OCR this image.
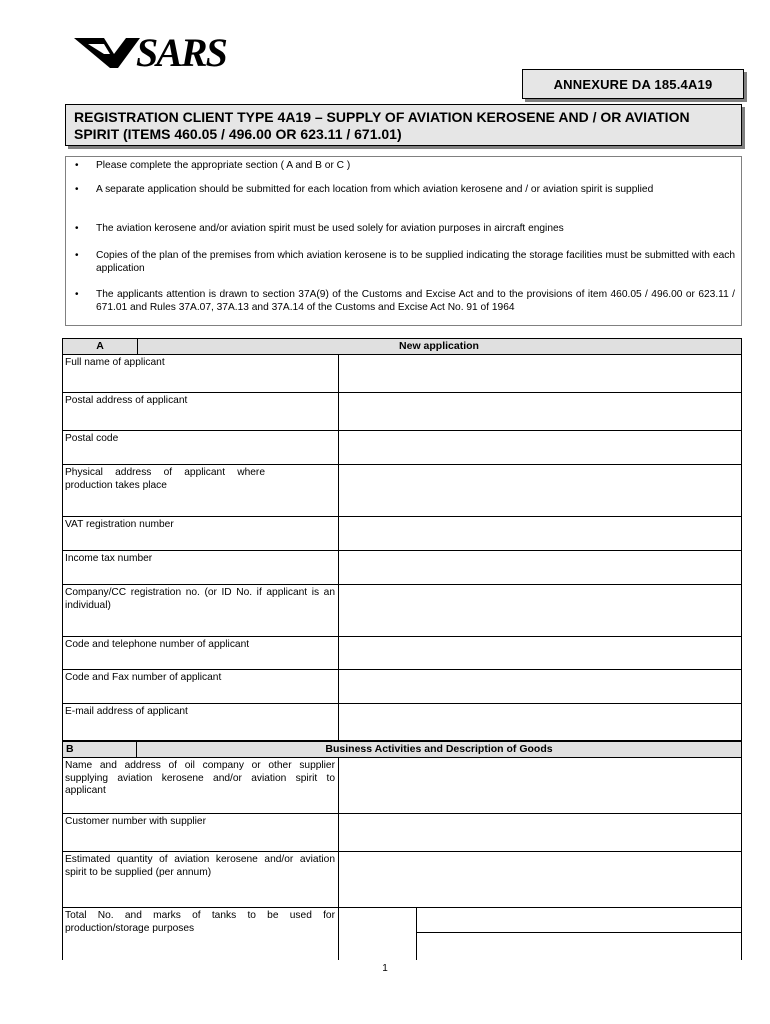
SARS
ANNEXURE DA 185.4A19
REGISTRATION CLIENT TYPE 4A19 – SUPPLY OF AVIATION KEROSENE AND / OR AVIATION SPIRIT (ITEMS 460.05 / 496.00 OR 623.11 / 671.01)
• Please complete the appropriate section ( A and B or C )
• A separate application should be submitted for each location from which aviation kerosene and / or aviation spirit is supplied
• The aviation kerosene and/or aviation spirit must be used solely for aviation purposes in aircraft engines
• Copies of the plan of the premises from which aviation kerosene is to be supplied indicating the storage facilities must be submitted with each application
• The applicants attention is drawn to section 37A(9) of the Customs and Excise Act and to the provisions of item 460.05 / 496.00 or 623.11 / 671.01 and Rules 37A.07, 37A.13 and 37A.14 of the Customs and Excise Act No. 91 of 1964
A	New application
Full name of applicant
Postal address of applicant
Postal code
Physical address of applicant where production takes place
VAT registration number
Income tax number
Company/CC registration no. (or ID No. if applicant is an individual)
Code and telephone number of applicant
Code and Fax number of applicant
E-mail address of applicant
B	Business Activities and Description of Goods
Name and address of oil company or other supplier supplying aviation kerosene and/or aviation spirit to applicant
Customer number with supplier
Estimated quantity of aviation kerosene and/or aviation spirit to be supplied (per annum)
Total No. and marks of tanks to be used for production/storage purposes
1
